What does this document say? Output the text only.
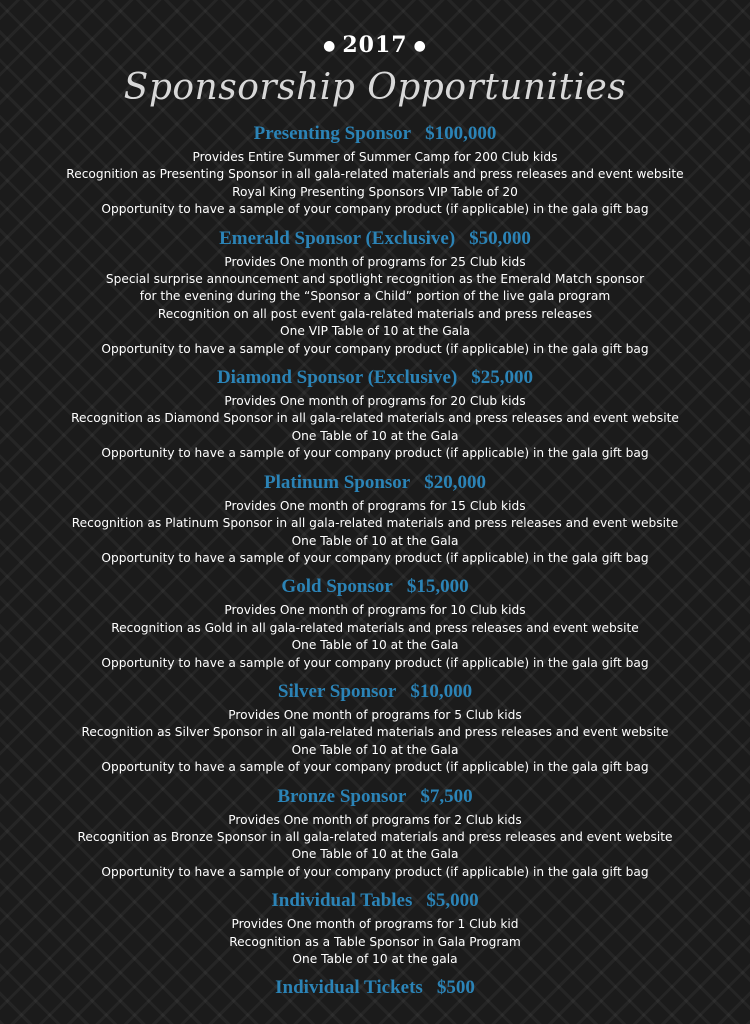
● 2017 ●
Sponsorship Opportunities
Presenting Sponsor $100,000
Provides Entire Summer of Summer Camp for 200 Club kids
Recognition as Presenting Sponsor in all gala-related materials and press releases and event website
Royal King Presenting Sponsors VIP Table of 20
Opportunity to have a sample of your company product (if applicable) in the gala gift bag
Emerald Sponsor (Exclusive) $50,000
Provides One month of programs for 25 Club kids
Special surprise announcement and spotlight recognition as the Emerald Match sponsor
for the evening during the “Sponsor a Child” portion of the live gala program
Recognition on all post event gala-related materials and press releases
One VIP Table of 10 at the Gala
Opportunity to have a sample of your company product (if applicable) in the gala gift bag
Diamond Sponsor (Exclusive) $25,000
Provides One month of programs for 20 Club kids
Recognition as Diamond Sponsor in all gala-related materials and press releases and event website
One Table of 10 at the Gala
Opportunity to have a sample of your company product (if applicable) in the gala gift bag
Platinum Sponsor $20,000
Provides One month of programs for 15 Club kids
Recognition as Platinum Sponsor in all gala-related materials and press releases and event website
One Table of 10 at the Gala
Opportunity to have a sample of your company product (if applicable) in the gala gift bag
Gold Sponsor $15,000
Provides One month of programs for 10 Club kids
Recognition as Gold in all gala-related materials and press releases and event website
One Table of 10 at the Gala
Opportunity to have a sample of your company product (if applicable) in the gala gift bag
Silver Sponsor $10,000
Provides One month of programs for 5 Club kids
Recognition as Silver Sponsor in all gala-related materials and press releases and event website
One Table of 10 at the Gala
Opportunity to have a sample of your company product (if applicable) in the gala gift bag
Bronze Sponsor $7,500
Provides One month of programs for 2 Club kids
Recognition as Bronze Sponsor in all gala-related materials and press releases and event website
One Table of 10 at the Gala
Opportunity to have a sample of your company product (if applicable) in the gala gift bag
Individual Tables $5,000
Provides One month of programs for 1 Club kid
Recognition as a Table Sponsor in Gala Program
One Table of 10 at the gala
Individual Tickets $500
